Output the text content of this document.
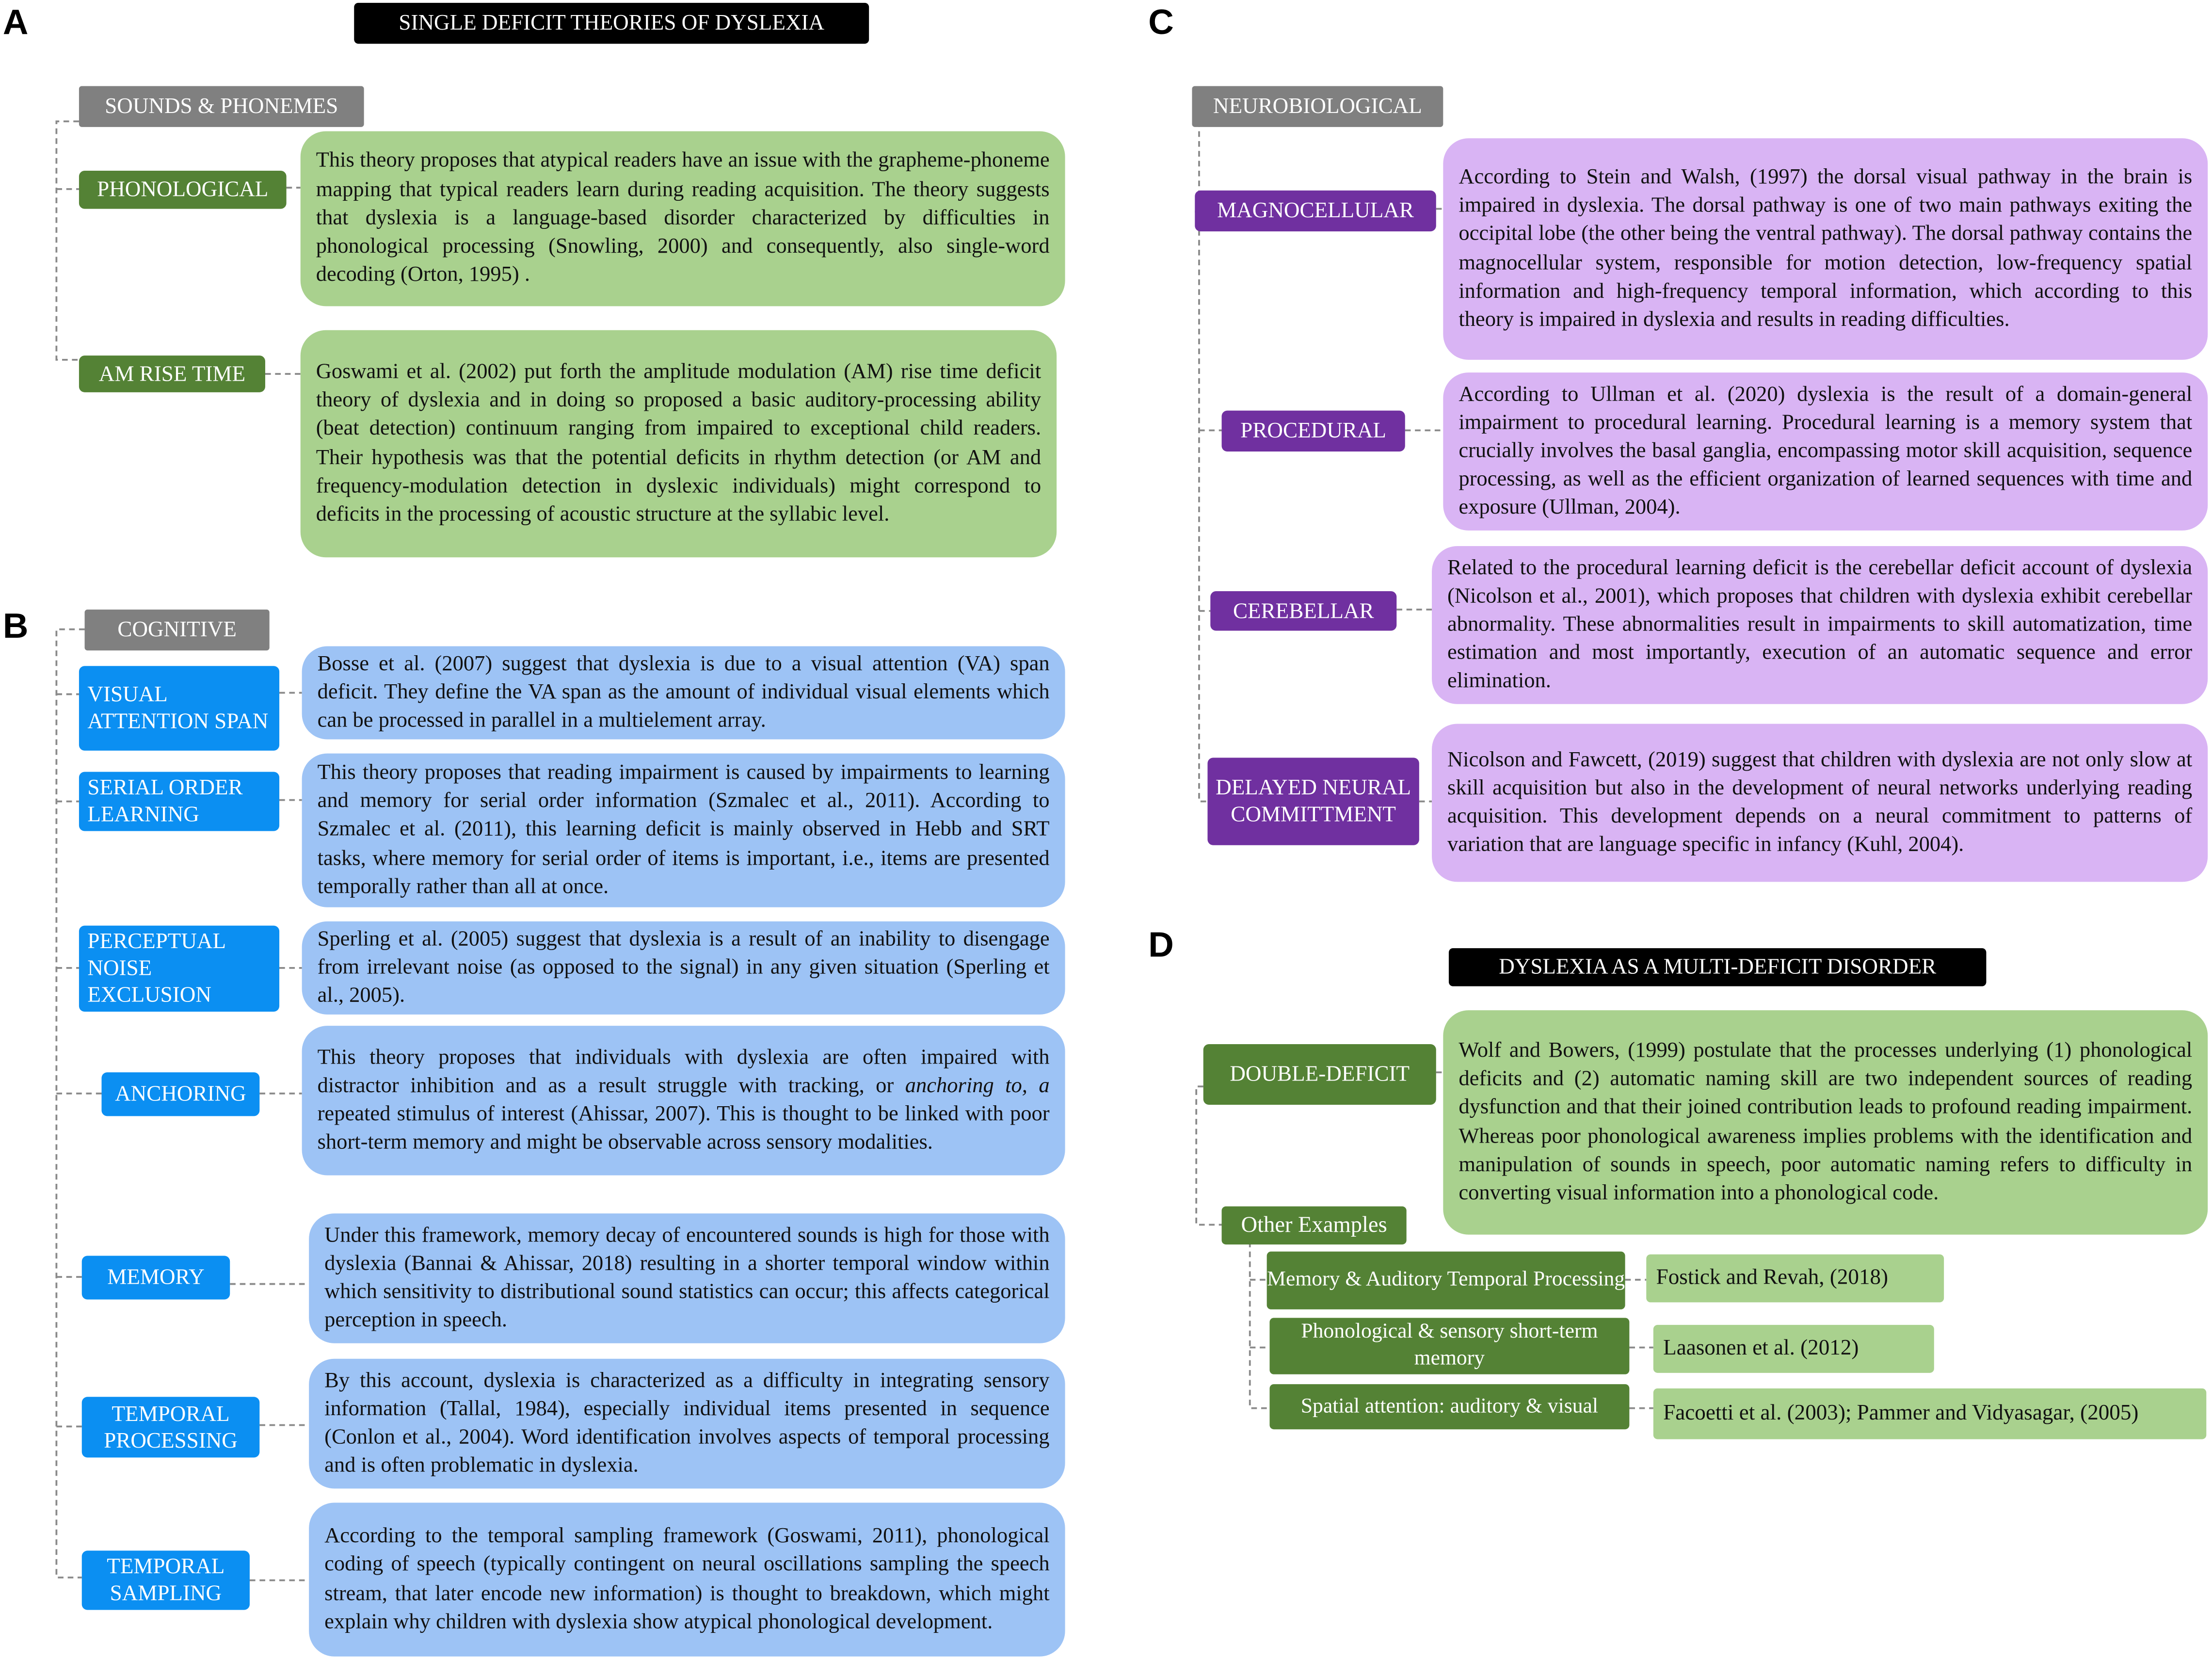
A	SINGLE DEFICIT THEORIES OF DYSLEXIA
SOUNDS & PHONEMES
PHONOLOGICAL
This theory proposes that atypical readers have an issue with the grapheme-phoneme mapping that typical readers learn during reading acquisition. The theory suggests that dyslexia is a language-based disorder characterized by difficulties in phonological processing (Snowling, 2000) and consequently, also single-word decoding (Orton, 1995) .
AM RISE TIME	Goswami et al. (2002) put forth the amplitude modulation (AM) rise time deficit theory of dyslexia and in doing so proposed a basic auditory-processing ability (beat detection) continuum ranging from impaired to exceptional child readers. Their hypothesis was that the potential deficits in rhythm detection (or AM and frequency-modulation detection in dyslexic individuals) might correspond to deficits in the processing of acoustic structure at the syllabic level.
B	COGNITIVE
VISUAL ATTENTION SPAN
Bosse et al. (2007) suggest that dyslexia is due to a visual attention (VA) span deficit. They define the VA span as the amount of individual visual elements which can be processed in parallel in a multielement array.
SERIAL ORDER LEARNING
This theory proposes that reading impairment is caused by impairments to learning and memory for serial order information (Szmalec et al., 2011). According to Szmalec et al. (2011), this learning deficit is mainly observed in Hebb and SRT tasks, where memory for serial order of items is important, i.e., items are presented temporally rather than all at once.
PERCEPTUAL NOISE EXCLUSION
Sperling et al. (2005) suggest that dyslexia is a result of an inability to disengage from irrelevant noise (as opposed to the signal) in any given situation (Sperling et al., 2005).
ANCHORING
This theory proposes that individuals with dyslexia are often impaired with distractor inhibition and as a result struggle with tracking, or anchoring to, a repeated stimulus of interest (Ahissar, 2007). This is thought to be linked with poor short-term memory and might be observable across sensory modalities.
MEMORY
Under this framework, memory decay of encountered sounds is high for those with dyslexia (Bannai & Ahissar, 2018) resulting in a shorter temporal window within which sensitivity to distributional sound statistics can occur; this affects categorical perception in speech.
TEMPORAL PROCESSING
By this account, dyslexia is characterized as a difficulty in integrating sensory information (Tallal, 1984), especially individual items presented in sequence (Conlon et al., 2004). Word identification involves aspects of temporal processing and is often problematic in dyslexia.
TEMPORAL SAMPLING
According to the temporal sampling framework (Goswami, 2011), phonological coding of speech (typically contingent on neural oscillations sampling the speech stream, that later encode new information) is thought to breakdown, which might explain why children with dyslexia show atypical phonological development.
C
NEUROBIOLOGICAL
MAGNOCELLULAR
According to Stein and Walsh, (1997) the dorsal visual pathway in the brain is impaired in dyslexia. The dorsal pathway is one of two main pathways exiting the occipital lobe (the other being the ventral pathway). The dorsal pathway contains the magnocellular system, responsible for motion detection, low-frequency spatial information and high-frequency temporal information, which according to this theory is impaired in dyslexia and results in reading difficulties.
PROCEDURAL
According to Ullman et al. (2020) dyslexia is the result of a domain-general impairment to procedural learning. Procedural learning is a memory system that crucially involves the basal ganglia, encompassing motor skill acquisition, sequence processing, as well as the efficient organization of learned sequences with time and exposure (Ullman, 2004).
CEREBELLAR
Related to the procedural learning deficit is the cerebellar deficit account of dyslexia (Nicolson et al., 2001), which proposes that children with dyslexia exhibit cerebellar abnormality. These abnormalities result in impairments to skill automatization, time estimation and most importantly, execution of an automatic sequence and error elimination.
DELAYED NEURAL COMMITTMENT
Nicolson and Fawcett, (2019) suggest that children with dyslexia are not only slow at skill acquisition but also in the development of neural networks underlying reading acquisition. This development depends on a neural commitment to patterns of variation that are language specific in infancy (Kuhl, 2004).
D
DYSLEXIA AS A MULTI-DEFICIT DISORDER
DOUBLE-DEFICIT
Wolf and Bowers, (1999) postulate that the processes underlying (1) phonological deficits and (2) automatic naming skill are two independent sources of reading dysfunction and that their joined contribution leads to profound reading impairment. Whereas poor phonological awareness implies problems with the identification and manipulation of sounds in speech, poor automatic naming refers to difficulty in converting visual information into a phonological code.
Other Examples
Memory & Auditory Temporal Processing	Fostick and Revah, (2018)
Phonological & sensory short-term memory	Laasonen et al. (2012)
Spatial attention: auditory & visual	Facoetti et al. (2003); Pammer and Vidyasagar, (2005)
